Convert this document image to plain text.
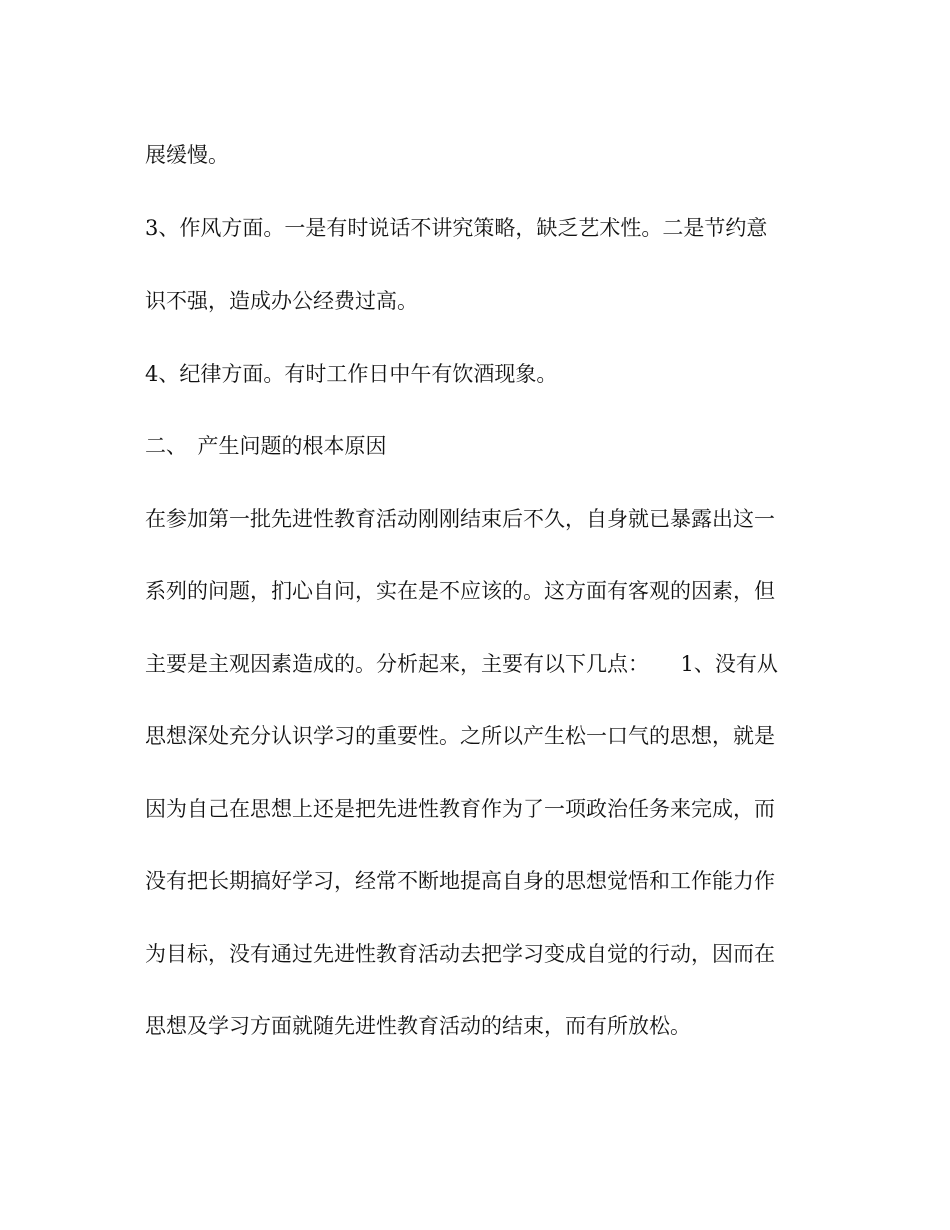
展缓慢。
3、作风方面。一是有时说话不讲究策略，缺乏艺术性。二是节约意
识不强，造成办公经费过高。
4、纪律方面。有时工作日中午有饮酒现象。
二、　产生问题的根本原因
在参加第一批先进性教育活动刚刚结束后不久，自身就已暴露出这一
系列的问题，扪心自问，实在是不应该的。这方面有客观的因素，但
主要是主观因素造成的。分析起来，主要有以下几点：　　1、没有从
思想深处充分认识学习的重要性。之所以产生松一口气的思想，就是
因为自己在思想上还是把先进性教育作为了一项政治任务来完成，而
没有把长期搞好学习，经常不断地提高自身的思想觉悟和工作能力作
为目标，没有通过先进性教育活动去把学习变成自觉的行动，因而在
思想及学习方面就随先进性教育活动的结束，而有所放松。
